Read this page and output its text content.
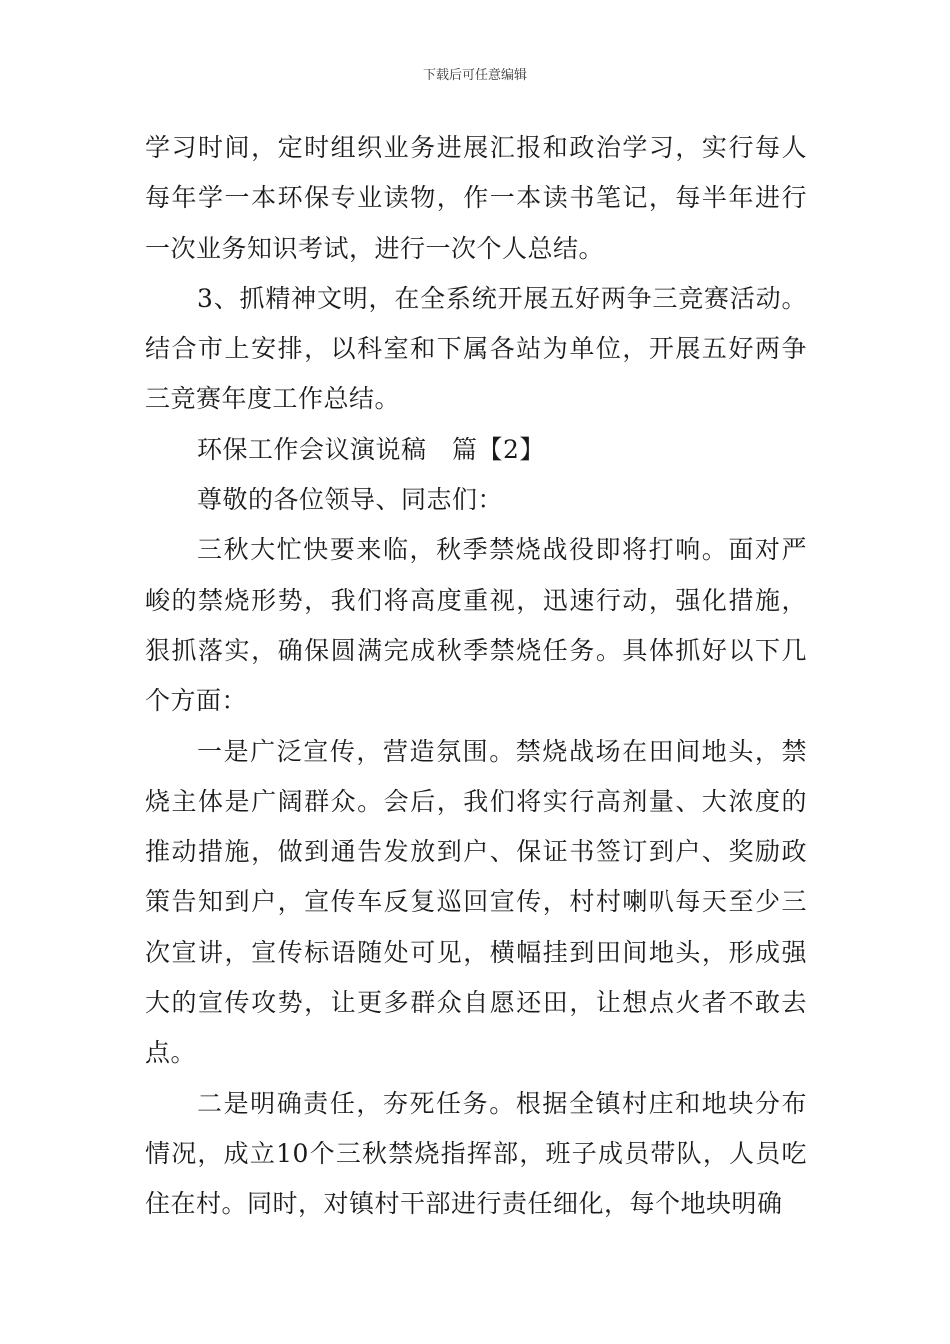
下载后可任意编辑

学习时间，定时组织业务进展汇报和政治学习，实行每人每年学一本环保专业读物，作一本读书笔记，每半年进行一次业务知识考试，进行一次个人总结。

3、抓精神文明，在全系统开展五好两争三竞赛活动。结合市上安排，以科室和下属各站为单位，开展五好两争三竞赛年度工作总结。

环保工作会议演说稿　篇【2】

尊敬的各位领导、同志们：

三秋大忙快要来临，秋季禁烧战役即将打响。面对严峻的禁烧形势，我们将高度重视，迅速行动，强化措施，狠抓落实，确保圆满完成秋季禁烧任务。具体抓好以下几个方面：

一是广泛宣传，营造氛围。禁烧战场在田间地头，禁烧主体是广阔群众。会后，我们将实行高剂量、大浓度的推动措施，做到通告发放到户、保证书签订到户、奖励政策告知到户，宣传车反复巡回宣传，村村喇叭每天至少三次宣讲，宣传标语随处可见，横幅挂到田间地头，形成强大的宣传攻势，让更多群众自愿还田，让想点火者不敢去点。

二是明确责任，夯死任务。根据全镇村庄和地块分布情况，成立10个三秋禁烧指挥部，班子成员带队，人员吃住在村。同时，对镇村干部进行责任细化，每个地块明确
